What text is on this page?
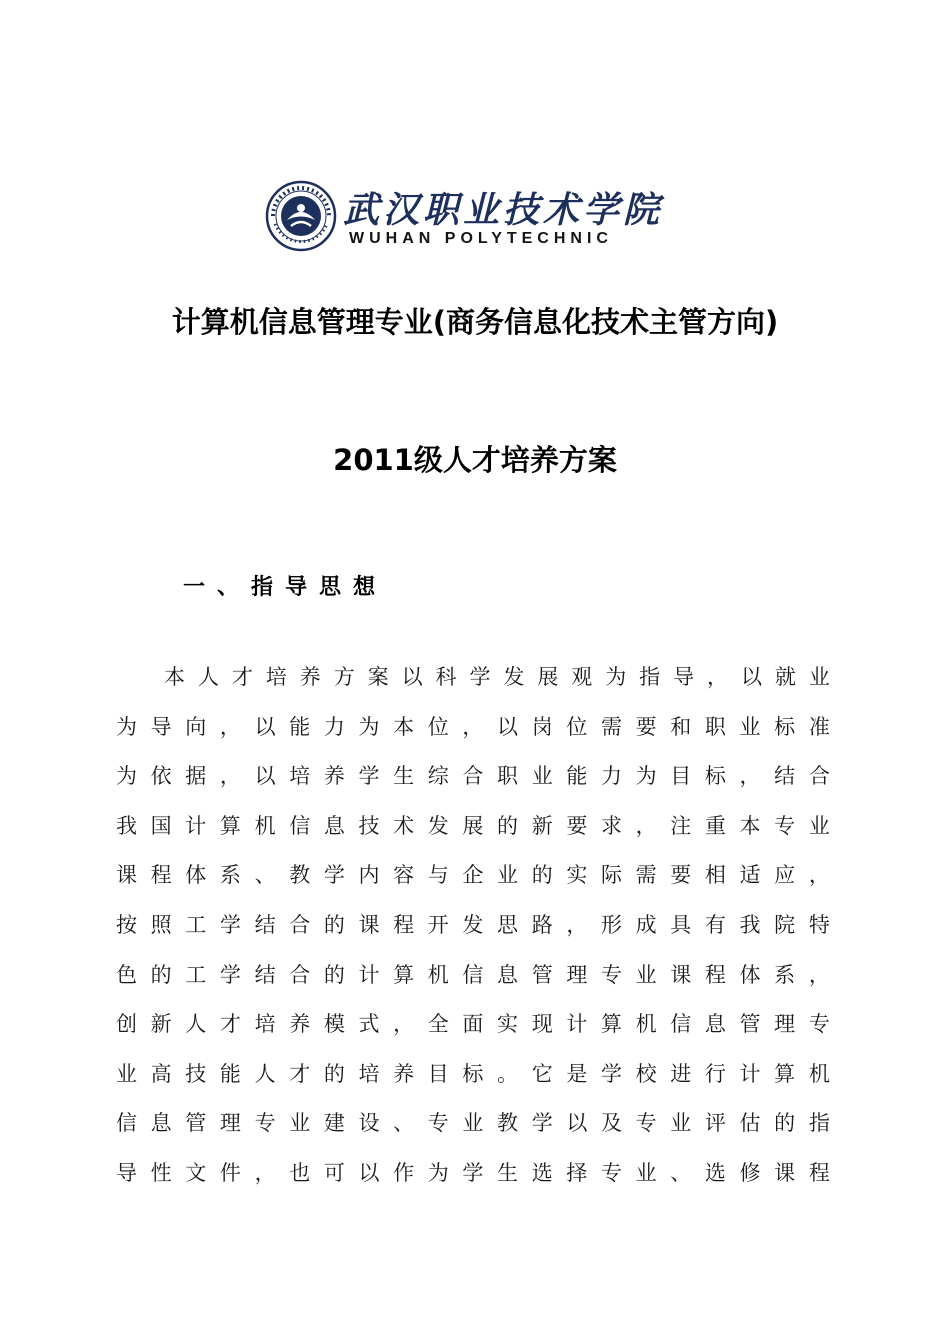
武汉职业技术学院
WUHAN POLYTECHNIC
计算机信息管理专业(商务信息化技术主管方向)
2011级人才培养方案
一、指导思想
本 人 才 培 养 方 案 以 科 学 发 展 观 为 指 导 ， 以 就 业
为 导 向 ， 以 能 力 为 本 位 ， 以 岗 位 需 要 和 职 业 标 准
为 依 据 ， 以 培 养 学 生 综 合 职 业 能 力 为 目 标 ， 结 合
我 国 计 算 机 信 息 技 术 发 展 的 新 要 求 ， 注 重 本 专 业
课 程 体 系 、 教 学 内 容 与 企 业 的 实 际 需 要 相 适 应 ，
按 照 工 学 结 合 的 课 程 开 发 思 路 ， 形 成 具 有 我 院 特
色 的 工 学 结 合 的 计 算 机 信 息 管 理 专 业 课 程 体 系 ，
创 新 人 才 培 养 模 式 ， 全 面 实 现 计 算 机 信 息 管 理 专
业 高 技 能 人 才 的 培 养 目 标 。 它 是 学 校 进 行 计 算 机
信 息 管 理 专 业 建 设 、 专 业 教 学 以 及 专 业 评 估 的 指
导 性 文 件 ， 也 可 以 作 为 学 生 选 择 专 业 、 选 修 课 程
